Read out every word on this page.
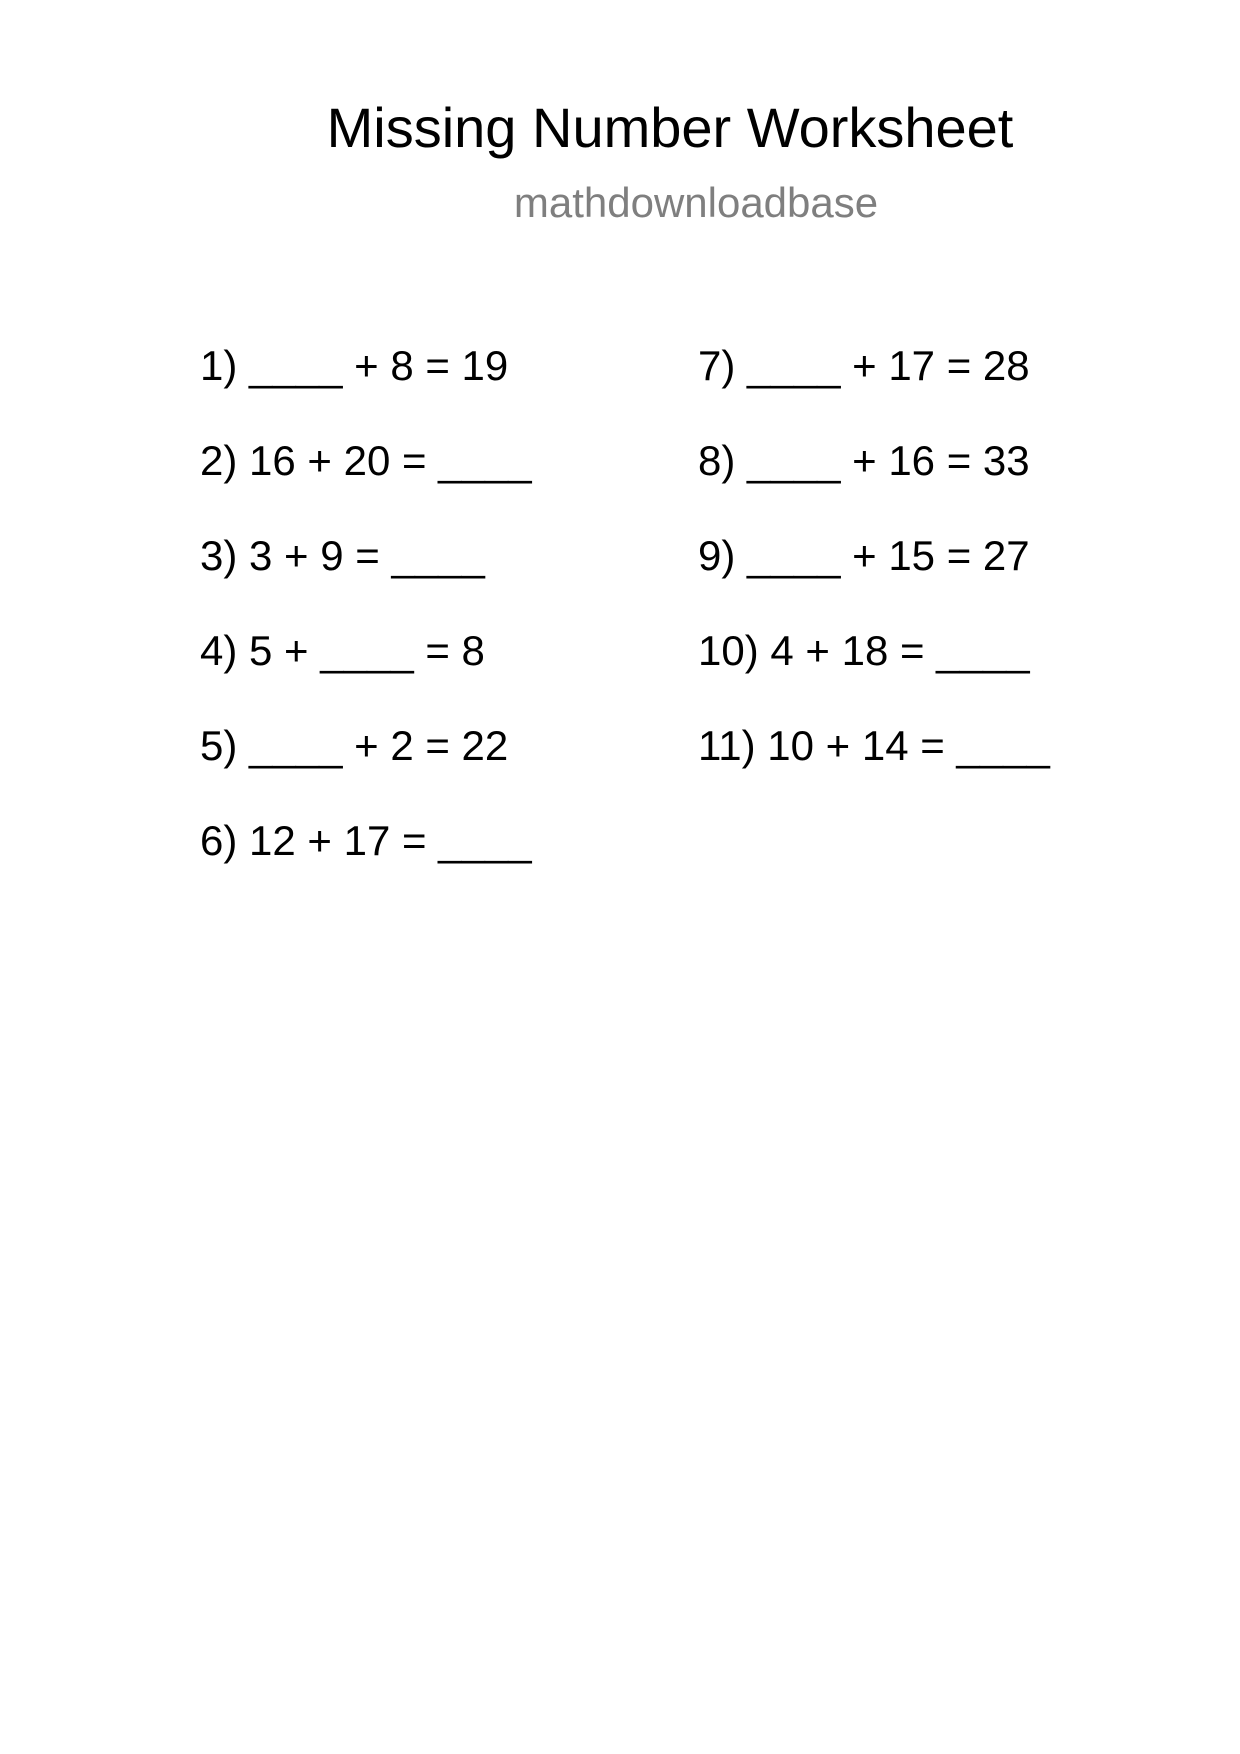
Missing Number Worksheet
mathdownloadbase
1) ____ + 8 = 19
2) 16 + 20 = ____
3) 3 + 9 = ____
4) 5 + ____ = 8
5) ____ + 2 = 22
6) 12 + 17 = ____
7) ____ + 17 = 28
8) ____ + 16 = 33
9) ____ + 15 = 27
10) 4 + 18 = ____
11) 10 + 14 = ____
